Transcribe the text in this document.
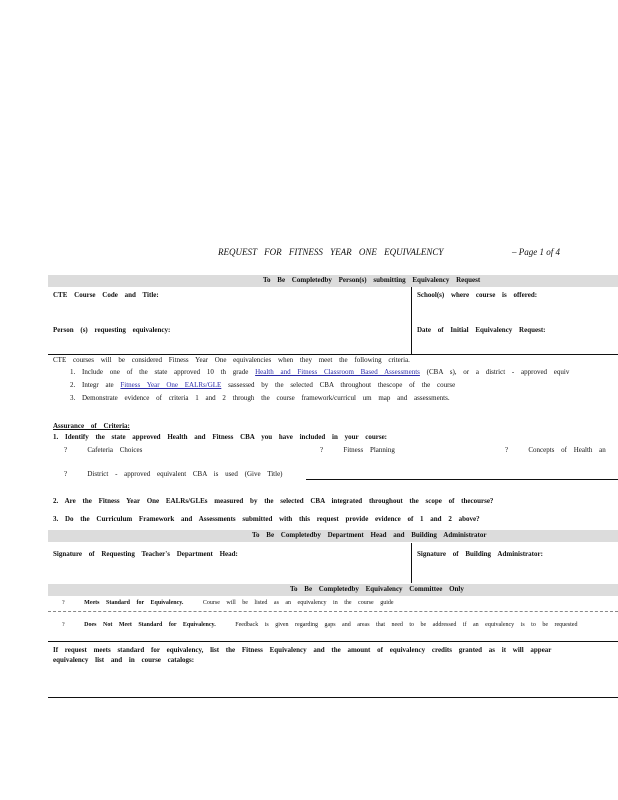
REQUEST FOR FITNESS YEAR ONE EQUIVALENCY	– Page 1 of 4
To Be Completedby Person(s) submitting Equivalency Request
CTE Course Code and Title:	School(s) where course is offered:
Person (s) requesting equivalency:	Date of Initial Equivalency Request:
CTE courses will be considered Fitness Year One equivalencies when they meet the following criteria.
1. Include one of the state approved 10 th grade Health and Fitness Classroom Based Assessments (CBA s), or a district - approved equiv
2. Integr ate Fitness Year One EALRs/GLE sassessed by the selected CBA throughout thescope of the course
3. Demonstrate evidence of criteria 1 and 2 through the course framework/curricul um map and assessments.
Assurance of Criteria:
1. Identify the state approved Health and Fitness CBA you have included in your course:
?	Cafeteria Choices	?	Fitness Planning	?	Concepts of Health an
?	District - approved equivalent CBA is used (Give Title)
2. Are the Fitness Year One EALRs/GLEs measured by the selected CBA integrated throughout the scope of thecourse?
3. Do the Curriculum Framework and Assessments submitted with this request provide evidence of 1 and 2 above?
To Be Completedby Department Head and Building Administrator
Signature of Requesting Teacher's Department Head:	Signature of Building Administrator:
To Be Completedby Equivalency Committee Only
?	Meets Standard for Equivalency.	Course will be listed as an equivalency in the course guide
?	Does Not Meet Standard for Equivalency.	Feedback is given regarding gaps and areas that need to be addressed if an equivalency is to be requested
If request meets standard for equivalency, list the Fitness Equivalency and the amount of equivalency credits granted as it will appear
equivalency list and in course catalogs:
